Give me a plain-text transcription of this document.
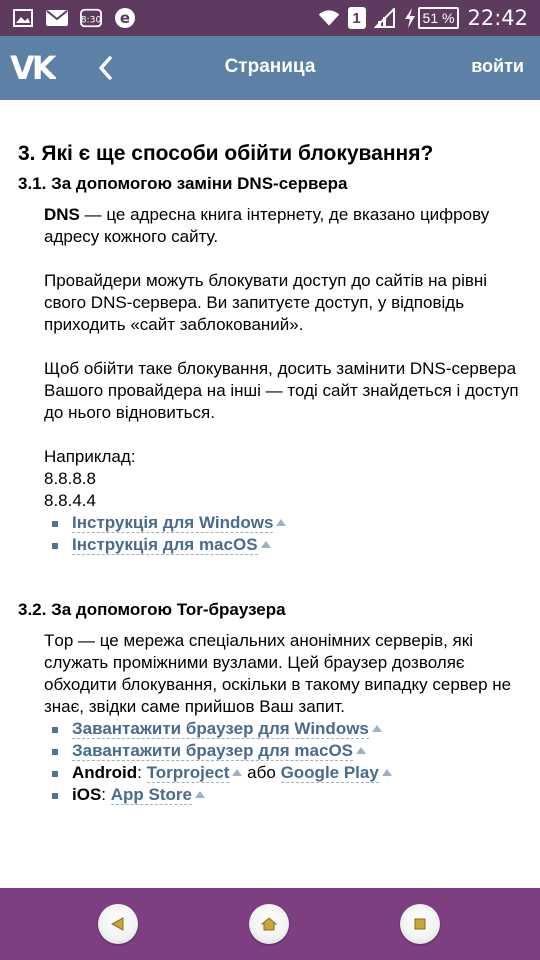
8:30 e	1	51 % 22:42
VK	Страница	войти
3. Які є ще способи обійти блокування?
3.1. За допомогою заміни DNS-сервера
DNS — це адресна книга інтернету, де вказано цифрову адресу кожного сайту.
Провайдери можуть блокувати доступ до сайтів на рівні свого DNS-сервера. Ви запитуєте доступ, у відповідь приходить «сайт заблокований».
Щоб обійти таке блокування, досить замінити DNS-сервера Вашого провайдера на інші — тоді сайт знайдеться і доступ до нього відновиться.
Наприклад:
8.8.8.8
8.8.4.4
Інструкція для Windows
Інструкція для macOS
3.2. За допомогою Tor-браузера
Tор — це мережа спеціальних анонімних серверів, які служать проміжними вузлами. Цей браузер дозволяє обходити блокування, оскільки в такому випадку сервер не знає, звідки саме прийшов Ваш запит.
Завантажити браузер для Windows
Завантажити браузер для macOS
Android: Torproject або Google Play
iOS: App Store
